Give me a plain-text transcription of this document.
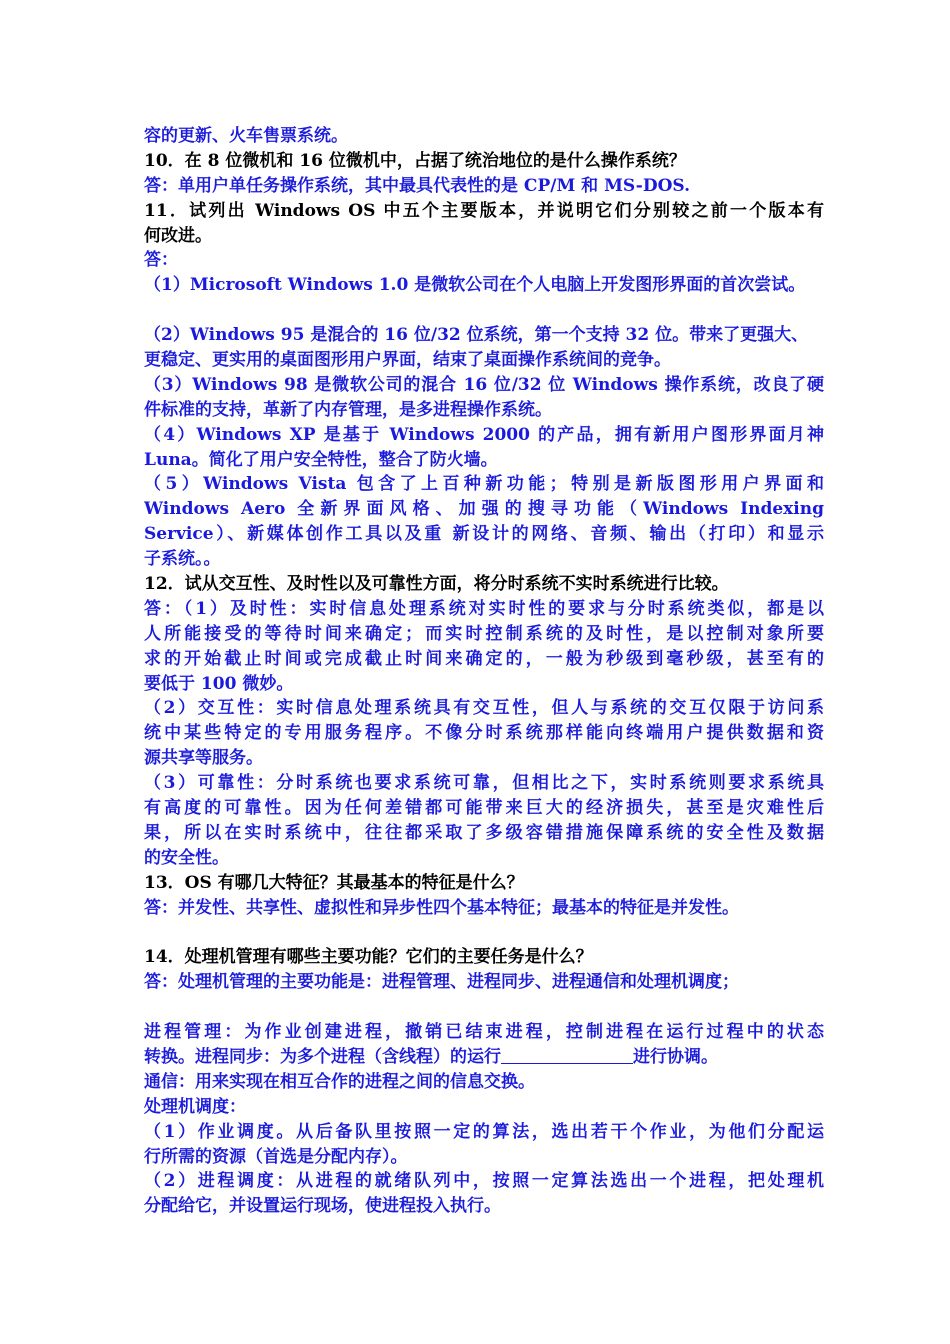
容的更新、火车售票系统。
10．在 8 位微机和 16 位微机中，占据了统治地位的是什么操作系统？
答：单用户单任务操作系统，其中最具代表性的是 CP/M 和 MS-DOS.
11．试列出 Windows OS 中五个主要版本，并说明它们分别较之前一个版本有
何改进。
答：
（1）Microsoft Windows 1.0 是微软公司在个人电脑上开发图形界面的首次尝试。
（2）Windows 95 是混合的 16 位/32 位系统，第一个支持 32 位。带来了更强大、
更稳定、更实用的桌面图形用户界面，结束了桌面操作系统间的竞争。
（3）Windows 98 是微软公司的混合 16 位/32 位 Windows 操作系统，改良了硬
件标准的支持，革新了内存管理，是多进程操作系统。
（4）Windows XP 是基于 Windows 2000 的产品，拥有新用户图形界面月神
Luna。简化了用户安全特性，整合了防火墙。
（5）Windows Vista 包含了上百种新功能；特别是新版图形用户界面和
Windows Aero 全新界面风格、加强的搜寻功能（Windows Indexing
Service）、新媒体创作工具以及重 新设计的网络、音频、输出（打印）和显示
子系统。。
12．试从交互性、及时性以及可靠性方面，将分时系统不实时系统进行比较。
答：（1）及时性：实时信息处理系统对实时性的要求与分时系统类似，都是以
人所能接受的等待时间来确定；而实时控制系统的及时性，是以控制对象所要
求的开始截止时间或完成截止时间来确定的，一般为秒级到毫秒级，甚至有的
要低于 100 微妙。
（2）交互性：实时信息处理系统具有交互性，但人与系统的交互仅限于访问系
统中某些特定的专用服务程序。不像分时系统那样能向终端用户提供数据和资
源共享等服务。
（3）可靠性：分时系统也要求系统可靠，但相比之下，实时系统则要求系统具
有高度的可靠性。因为任何差错都可能带来巨大的经济损失，甚至是灾难性后
果，所以在实时系统中，往往都采取了多级容错措施保障系统的安全性及数据
的安全性。
13．OS 有哪几大特征？其最基本的特征是什么？
答：并发性、共享性、虚拟性和异步性四个基本特征；最基本的特征是并发性。
14．处理机管理有哪些主要功能？它们的主要任务是什么？
答：处理机管理的主要功能是：进程管理、进程同步、进程通信和处理机调度；
进程管理：为作业创建进程，撤销已结束进程，控制进程在运行过程中的状态
转换。进程同步：为多个进程（含线程）的运行	进行协调。
通信：用来实现在相互合作的进程之间的信息交换。
处理机调度：
（1）作业调度。从后备队里按照一定的算法，选出若干个作业，为他们分配运
行所需的资源（首选是分配内存）。
（2）进程调度：从进程的就绪队列中，按照一定算法选出一个进程，把处理机
分配给它，并设置运行现场，使进程投入执行。
